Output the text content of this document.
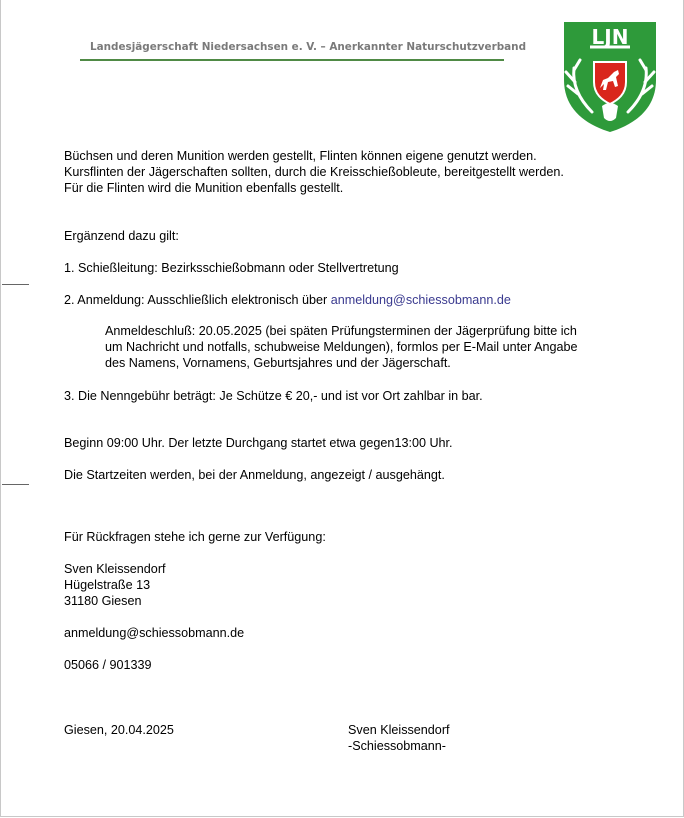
Landesjägerschaft Niedersachsen e. V. – Anerkannter Naturschutzverband	LJN
Büchsen und deren Munition werden gestellt, Flinten können eigene genutzt werden.
Kursflinten der Jägerschaften sollten, durch die Kreisschießobleute, bereitgestellt werden.
Für die Flinten wird die Munition ebenfalls gestellt.
Ergänzend dazu gilt:
1. Schießleitung: Bezirksschießobmann oder Stellvertretung
2. Anmeldung: Ausschließlich elektronisch über anmeldung@schiessobmann.de
Anmeldeschluß: 20.05.2025 (bei späten Prüfungsterminen der Jägerprüfung bitte ich
um Nachricht und notfalls, schubweise Meldungen), formlos per E-Mail unter Angabe
des Namens, Vornamens, Geburtsjahres und der Jägerschaft.
3. Die Nenngebühr beträgt: Je Schütze € 20,- und ist vor Ort zahlbar in bar.
Beginn 09:00 Uhr. Der letzte Durchgang startet etwa gegen13:00 Uhr.
Die Startzeiten werden, bei der Anmeldung, angezeigt / ausgehängt.
Für Rückfragen stehe ich gerne zur Verfügung:
Sven Kleissendorf
Hügelstraße 13
31180 Giesen
anmeldung@schiessobmann.de
05066 / 901339
Giesen, 20.04.2025	Sven Kleissendorf
-Schiessobmann-
